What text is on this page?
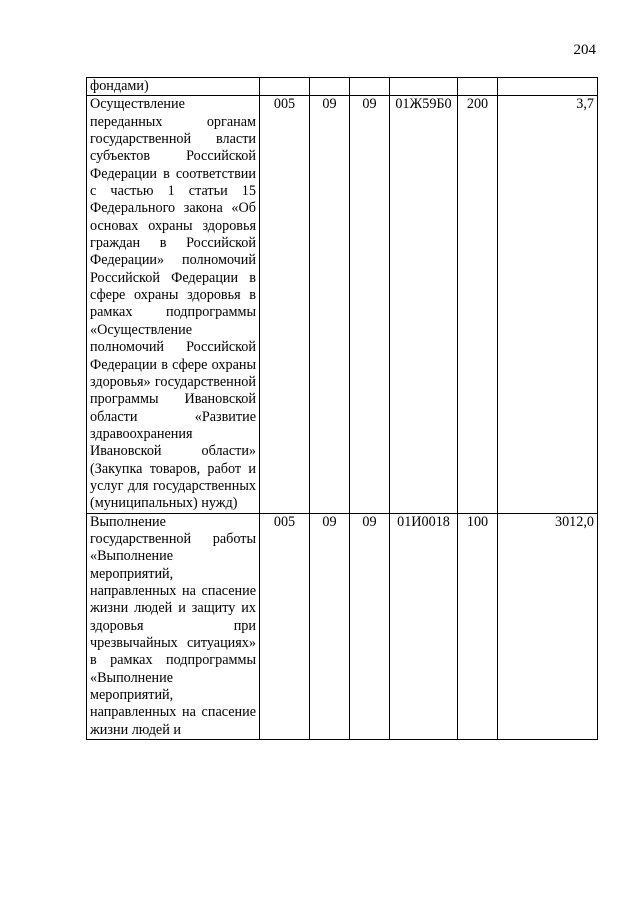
204
фондами)						
Осуществление переданных органам государственной власти субъектов Российской Федерации в соответствии с частью 1 статьи 15 Федерального закона «Об основах охраны здоровья граждан в Российской Федерации» полномочий Российской Федерации в сфере охраны здоровья в рамках подпрограммы «Осуществление полномочий Российской Федерации в сфере охраны здоровья» государственной программы Ивановской области «Развитие здравоохранения Ивановской области» (Закупка товаров, работ и услуг для государственных (муниципальных) нужд)	005	09	09	01Ж59Б0	200	3,7
Выполнение государственной работы «Выполнение мероприятий, направленных на спасение жизни людей и защиту их здоровья при чрезвычайных ситуациях» в рамках подпрограммы «Выполнение мероприятий, направленных на спасение жизни людей и	005	09	09	01И0018	100	3012,0
